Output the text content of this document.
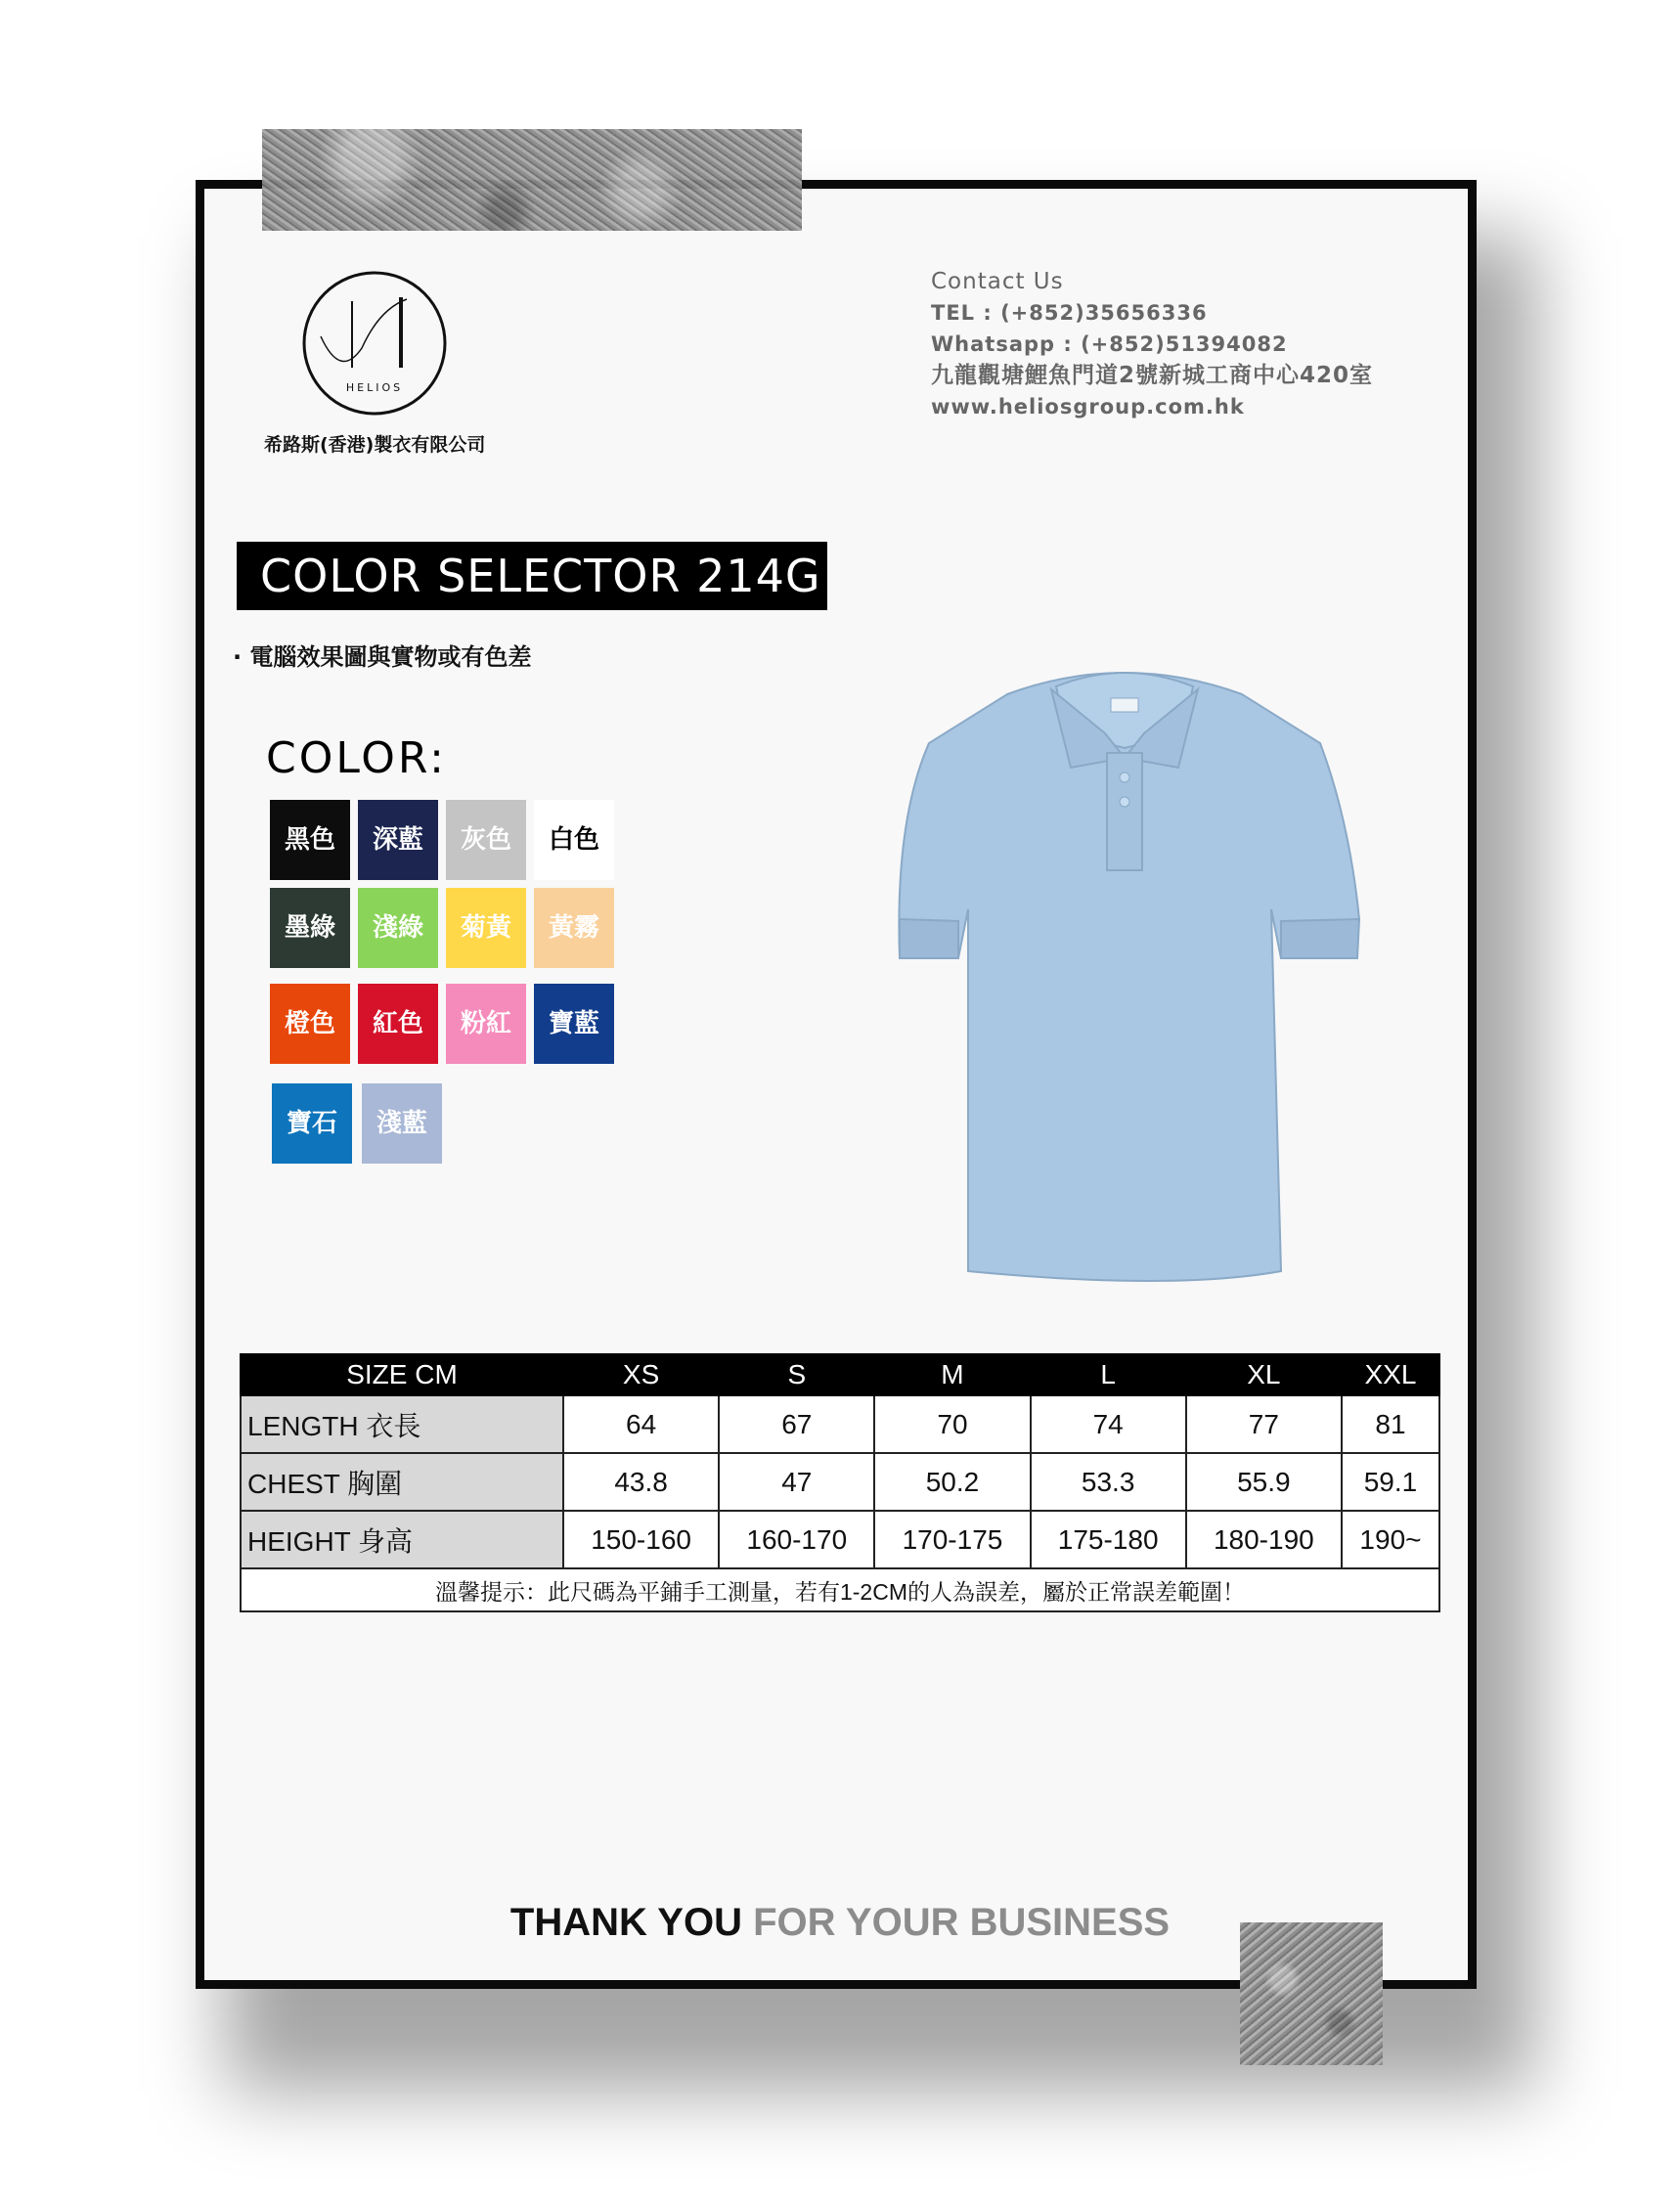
HELIOS
希路斯(香港)製衣有限公司
Contact Us
TEL : (+852)35656336
Whatsapp : (+852)51394082
九龍觀塘鯉魚門道2號新城工商中心420室
www.heliosgroup.com.hk
COLOR SELECTOR 214G
· 電腦效果圖與實物或有色差
COLOR:
黑色	深藍	灰色	白色
墨綠	淺綠	菊黃	黃霧
橙色	紅色	粉紅	寶藍
寶石	淺藍
SIZE CM	XS	S	M	L	XL	XXL
LENGTH 衣長	64	67	70	74	77	81
CHEST 胸圍	43.8	47	50.2	53.3	55.9	59.1
HEIGHT 身高	150-160	160-170	170-175	175-180	180-190	190~
溫馨提示：此尺碼為平鋪手工測量，若有1-2CM的人為誤差，屬於正常誤差範圍！						
THANK YOU FOR YOUR BUSINESS
